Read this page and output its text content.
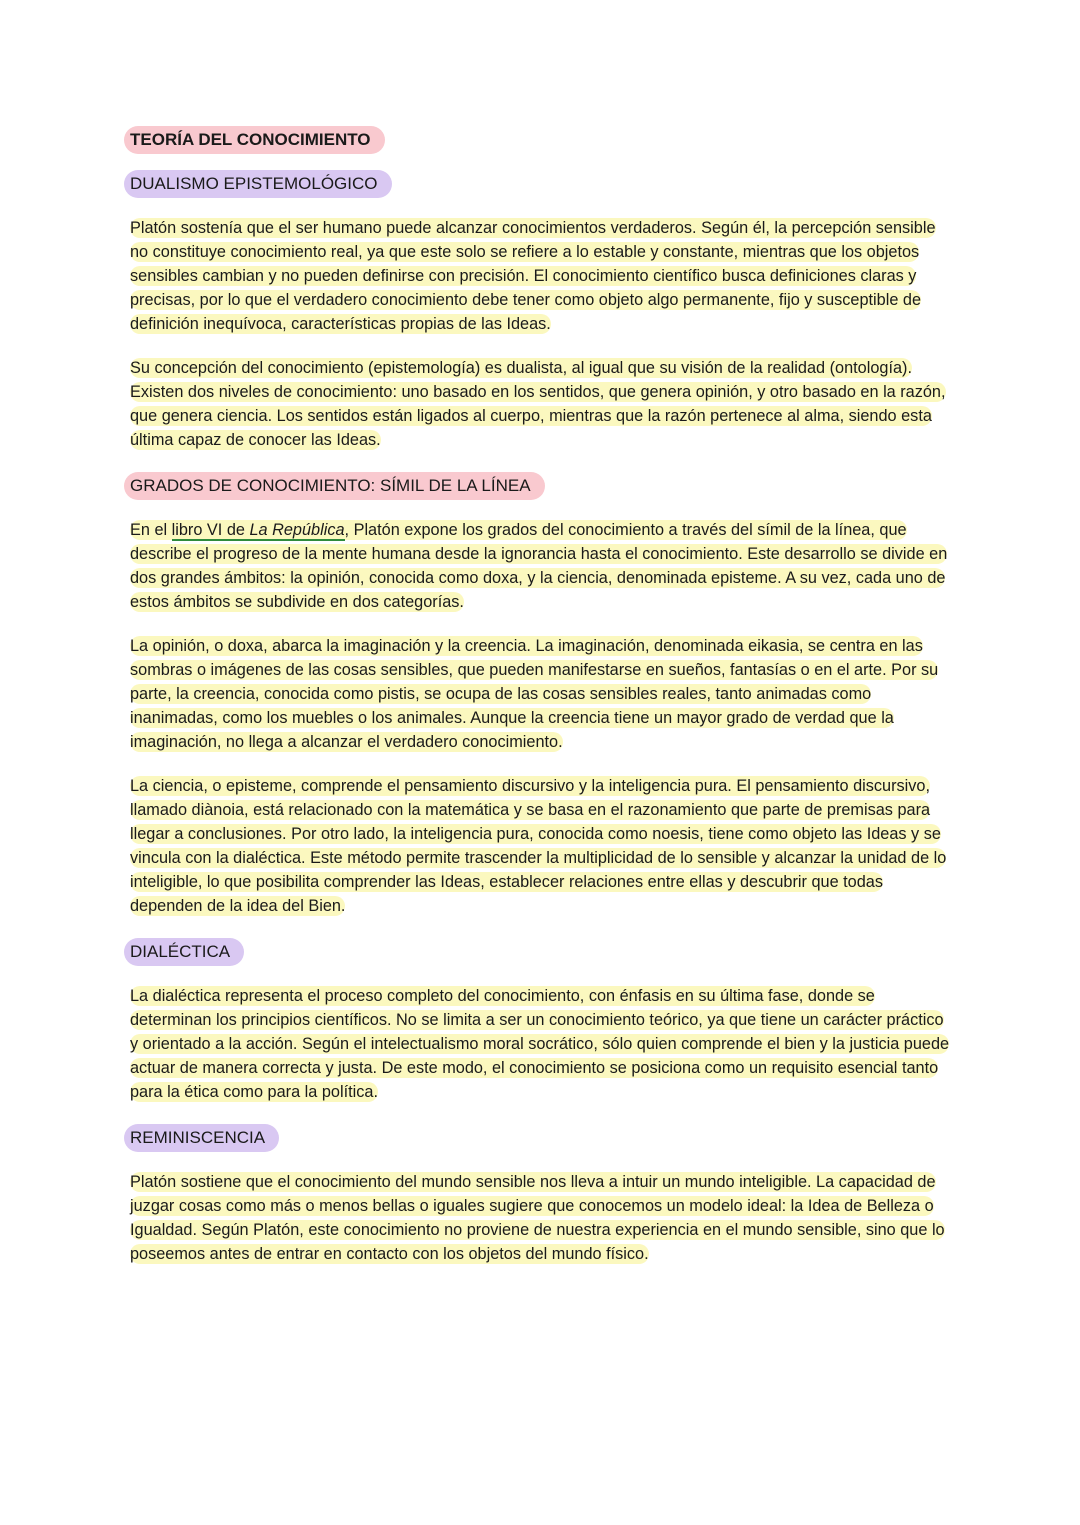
TEORÍA DEL CONOCIMIENTO
DUALISMO EPISTEMOLÓGICO

Platón sostenía que el ser humano puede alcanzar conocimientos verdaderos. Según él, la percepción sensible no constituye conocimiento real, ya que este solo se refiere a lo estable y constante, mientras que los objetos sensibles cambian y no pueden definirse con precisión. El conocimiento científico busca definiciones claras y precisas, por lo que el verdadero conocimiento debe tener como objeto algo permanente, fijo y susceptible de definición inequívoca, características propias de las Ideas.

Su concepción del conocimiento (epistemología) es dualista, al igual que su visión de la realidad (ontología). Existen dos niveles de conocimiento: uno basado en los sentidos, que genera opinión, y otro basado en la razón, que genera ciencia. Los sentidos están ligados al cuerpo, mientras que la razón pertenece al alma, siendo esta última capaz de conocer las Ideas.

GRADOS DE CONOCIMIENTO: SÍMIL DE LA LÍNEA

En el libro VI de La República, Platón expone los grados del conocimiento a través del símil de la línea, que describe el progreso de la mente humana desde la ignorancia hasta el conocimiento. Este desarrollo se divide en dos grandes ámbitos: la opinión, conocida como doxa, y la ciencia, denominada episteme. A su vez, cada uno de estos ámbitos se subdivide en dos categorías.

La opinión, o doxa, abarca la imaginación y la creencia. La imaginación, denominada eikasia, se centra en las sombras o imágenes de las cosas sensibles, que pueden manifestarse en sueños, fantasías o en el arte. Por su parte, la creencia, conocida como pistis, se ocupa de las cosas sensibles reales, tanto animadas como inanimadas, como los muebles o los animales. Aunque la creencia tiene un mayor grado de verdad que la imaginación, no llega a alcanzar el verdadero conocimiento.

La ciencia, o episteme, comprende el pensamiento discursivo y la inteligencia pura. El pensamiento discursivo, llamado diànoia, está relacionado con la matemática y se basa en el razonamiento que parte de premisas para llegar a conclusiones. Por otro lado, la inteligencia pura, conocida como noesis, tiene como objeto las Ideas y se vincula con la dialéctica. Este método permite trascender la multiplicidad de lo sensible y alcanzar la unidad de lo inteligible, lo que posibilita comprender las Ideas, establecer relaciones entre ellas y descubrir que todas dependen de la idea del Bien.

DIALÉCTICA

La dialéctica representa el proceso completo del conocimiento, con énfasis en su última fase, donde se determinan los principios científicos. No se limita a ser un conocimiento teórico, ya que tiene un carácter práctico y orientado a la acción. Según el intelectualismo moral socrático, sólo quien comprende el bien y la justicia puede actuar de manera correcta y justa. De este modo, el conocimiento se posiciona como un requisito esencial tanto para la ética como para la política.

REMINISCENCIA

Platón sostiene que el conocimiento del mundo sensible nos lleva a intuir un mundo inteligible. La capacidad de juzgar cosas como más o menos bellas o iguales sugiere que conocemos un modelo ideal: la Idea de Belleza o Igualdad. Según Platón, este conocimiento no proviene de nuestra experiencia en el mundo sensible, sino que lo poseemos antes de entrar en contacto con los objetos del mundo físico.
